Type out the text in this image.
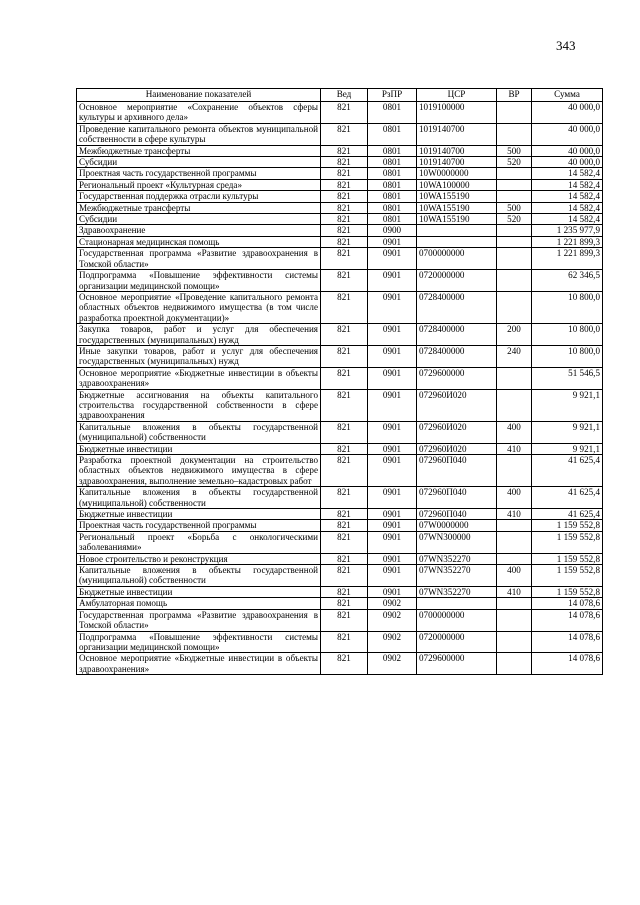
343
Наименование показателей	Вед	РзПР	ЦСР	ВР	Сумма
Основное мероприятие «Сохранение объектов сферы культуры и архивного дела»	821	0801	1019100000		40 000,0
Проведение капитального ремонта объектов муниципальной собственности в сфере культуры	821	0801	1019140700		40 000,0
Межбюджетные трансферты	821	0801	1019140700	500	40 000,0
Субсидии	821	0801	1019140700	520	40 000,0
Проектная часть государственной программы	821	0801	10W0000000		14 582,4
Региональный проект «Культурная среда»	821	0801	10WA100000		14 582,4
Государственная поддержка отрасли культуры	821	0801	10WA155190		14 582,4
Межбюджетные трансферты	821	0801	10WA155190	500	14 582,4
Субсидии	821	0801	10WA155190	520	14 582,4
Здравоохранение	821	0900			1 235 977,9
Стационарная медицинская помощь	821	0901			1 221 899,3
Государственная программа «Развитие здравоохранения в Томской области»	821	0901	0700000000		1 221 899,3
Подпрограмма «Повышение эффективности системы организации медицинской помощи»	821	0901	0720000000		62 346,5
Основное мероприятие «Проведение капитального ремонта областных объектов недвижимого имущества (в том числе разработка проектной документации)»	821	0901	0728400000		10 800,0
Закупка товаров, работ и услуг для обеспечения государственных (муниципальных) нужд	821	0901	0728400000	200	10 800,0
Иные закупки товаров, работ и услуг для обеспечения государственных (муниципальных) нужд	821	0901	0728400000	240	10 800,0
Основное мероприятие «Бюджетные инвестиции в объекты здравоохранения»	821	0901	0729600000		51 546,5
Бюджетные ассигнования на объекты капитального строительства государственной собственности в сфере здравоохранения	821	0901	072960И020		9 921,1
Капитальные вложения в объекты государственной (муниципальной) собственности	821	0901	072960И020	400	9 921,1
Бюджетные инвестиции	821	0901	072960И020	410	9 921,1
Разработка проектной документации на строительство областных объектов недвижимого имущества в сфере здравоохранения, выполнение земельно–кадастровых работ	821	0901	072960П040		41 625,4
Капитальные вложения в объекты государственной (муниципальной) собственности	821	0901	072960П040	400	41 625,4
Бюджетные инвестиции	821	0901	072960П040	410	41 625,4
Проектная часть государственной программы	821	0901	07W0000000		1 159 552,8
Региональный проект «Борьба с онкологическими заболеваниями»	821	0901	07WN300000		1 159 552,8
Новое строительство и реконструкция	821	0901	07WN352270		1 159 552,8
Капитальные вложения в объекты государственной (муниципальной) собственности	821	0901	07WN352270	400	1 159 552,8
Бюджетные инвестиции	821	0901	07WN352270	410	1 159 552,8
Амбулаторная помощь	821	0902			14 078,6
Государственная программа «Развитие здравоохранения в Томской области»	821	0902	0700000000		14 078,6
Подпрограмма «Повышение эффективности системы организации медицинской помощи»	821	0902	0720000000		14 078,6
Основное мероприятие «Бюджетные инвестиции в объекты здравоохранения»	821	0902	0729600000		14 078,6
